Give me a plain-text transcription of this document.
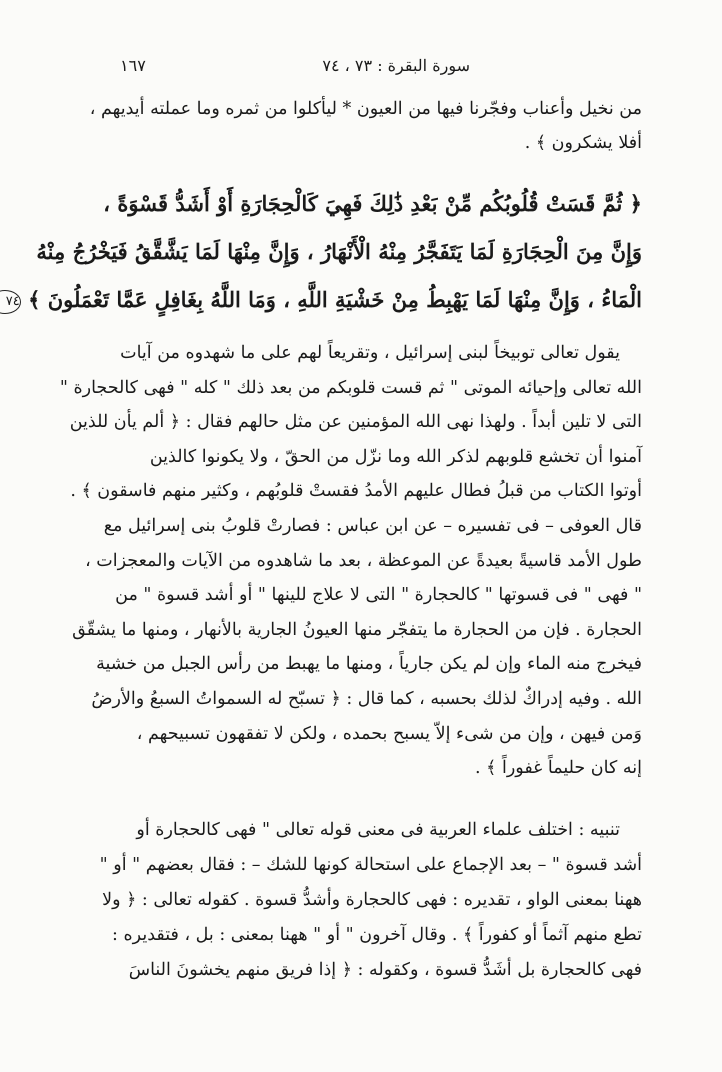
سورة البقرة : ٧٣ ، ٧٤
١٦٧

من نخيل وأعناب وفجّرنا فيها من العيون * ليأكلوا من ثمره وما عملته أيديهم ،

أفلا يشكرون ﴾ .

﴿ ثُمَّ قَسَتْ قُلُوبُكُم مِّنْ بَعْدِ ذَٰلِكَ فَهِيَ كَالْحِجَارَةِ أَوْ أَشَدُّ قَسْوَةً ،

وَإِنَّ مِنَ الْحِجَارَةِ لَمَا يَتَفَجَّرُ مِنْهُ الْأَنْهَارُ ، وَإِنَّ مِنْهَا لَمَا يَشَّقَّقُ فَيَخْرُجُ مِنْهُ

الْمَاءُ ، وَإِنَّ مِنْهَا لَمَا يَهْبِطُ مِنْ خَشْيَةِ اللَّهِ ، وَمَا اللَّهُ بِغَافِلٍ عَمَّا تَعْمَلُونَ ﴾ ٧٤

يقول تعالى توبيخاً لبنى إسرائيل ، وتقريعاً لهم على ما شهدوه من آيات

الله تعالى وإحيائه الموتى " ثم قست قلوبكم من بعد ذلك " كله " فهى كالحجارة "

التى لا تلين أبداً . ولهذا نهى الله المؤمنين عن مثل حالهم فقال : ﴿ ألم يأن للذين

آمنوا أن تخشع قلوبهم لذكر الله وما نزّل من الحقّ ، ولا يكونوا كالذين

أوتوا الكتاب من قبلُ فطال عليهم الأمدُ فقستْ قلوبُهم ، وكثير منهم فاسقون ﴾ .

قال العوفى – فى تفسيره – عن ابن عباس : فصارتْ قلوبُ بنى إسرائيل مع

طول الأمد قاسيةً بعيدةً عن الموعظة ، بعد ما شاهدوه من الآيات والمعجزات ،

" فهى " فى قسوتها " كالحجارة " التى لا علاج للينها " أو أشد قسوة " من

الحجارة . فإن من الحجارة ما يتفجّر منها العيونُ الجارية بالأنهار ، ومنها ما يشقّق

فيخرج منه الماء وإن لم يكن جارياً ، ومنها ما يهبط من رأس الجبل من خشية

الله . وفيه إدراكٌ لذلك بحسبه ، كما قال : ﴿ تسبّح له السمواتُ السبعُ والأرضُ

وَمن فيهن ، وإن من شىء إلاّ يسبح بحمده ، ولكن لا تفقهون تسبيحهم ،

إنه كان حليماً غفوراً ﴾ .

تنبيه : اختلف علماء العربية فى معنى قوله تعالى " فهى كالحجارة أو

أشد قسوة " – بعد الإجماع على استحالة كونها للشك – : فقال بعضهم " أو "

ههنا بمعنى الواو ، تقديره : فهى كالحجارة وأشدُّ قسوة . كقوله تعالى : ﴿ ولا

تطع منهم آثماً أو كفوراً ﴾ . وقال آخرون " أو " ههنا بمعنى : بل ، فتقديره :

فهى كالحجارة بل أشَدُّ قسوة ، وكقوله : ﴿ إذا فريق منهم يخشونَ الناسَ
